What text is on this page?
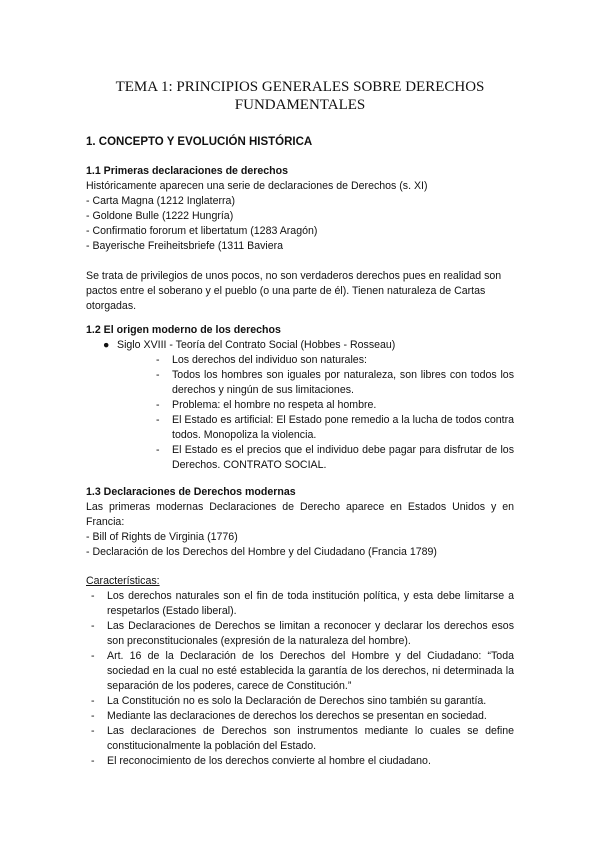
TEMA 1: PRINCIPIOS GENERALES SOBRE DERECHOS
FUNDAMENTALES
1. CONCEPTO Y EVOLUCIÓN HISTÓRICA
1.1 Primeras declaraciones de derechos
Históricamente aparecen una serie de declaraciones de Derechos (s. XI)
- Carta Magna (1212 Inglaterra)
- Goldone Bulle (1222 Hungría)
- Confirmatio fororum et libertatum (1283 Aragón)
- Bayerische Freiheitsbriefe (1311 Baviera
Se trata de privilegios de unos pocos, no son verdaderos derechos pues en realidad son pactos entre el soberano y el pueblo (o una parte de él). Tienen naturaleza de Cartas otorgadas.
1.2 El origen moderno de los derechos
● Siglo XVIII - Teoría del Contrato Social (Hobbes - Rosseau)
- Los derechos del individuo son naturales:
- Todos los hombres son iguales por naturaleza, son libres con todos los derechos y ningún de sus limitaciones.
- Problema: el hombre no respeta al hombre.
- El Estado es artificial: El Estado pone remedio a la lucha de todos contra todos. Monopoliza la violencia.
- El Estado es el precios que el individuo debe pagar para disfrutar de los Derechos. CONTRATO SOCIAL.
1.3 Declaraciones de Derechos modernas
Las primeras modernas Declaraciones de Derecho aparece en Estados Unidos y en Francia:
- Bill of Rights de Virginia (1776)
- Declaración de los Derechos del Hombre y del Ciudadano (Francia 1789)
Características:
- Los derechos naturales son el fin de toda institución política, y esta debe limitarse a respetarlos (Estado liberal).
- Las Declaraciones de Derechos se limitan a reconocer y declarar los derechos esos son preconstitucionales (expresión de la naturaleza del hombre).
- Art. 16 de la Declaración de los Derechos del Hombre y del Ciudadano: “Toda sociedad en la cual no esté establecida la garantía de los derechos, ni determinada la separación de los poderes, carece de Constitución.”
- La Constitución no es solo la Declaración de Derechos sino también su garantía.
- Mediante las declaraciones de derechos los derechos se presentan en sociedad.
- Las declaraciones de Derechos son instrumentos mediante lo cuales se define constitucionalmente la población del Estado.
- El reconocimiento de los derechos convierte al hombre el ciudadano.
